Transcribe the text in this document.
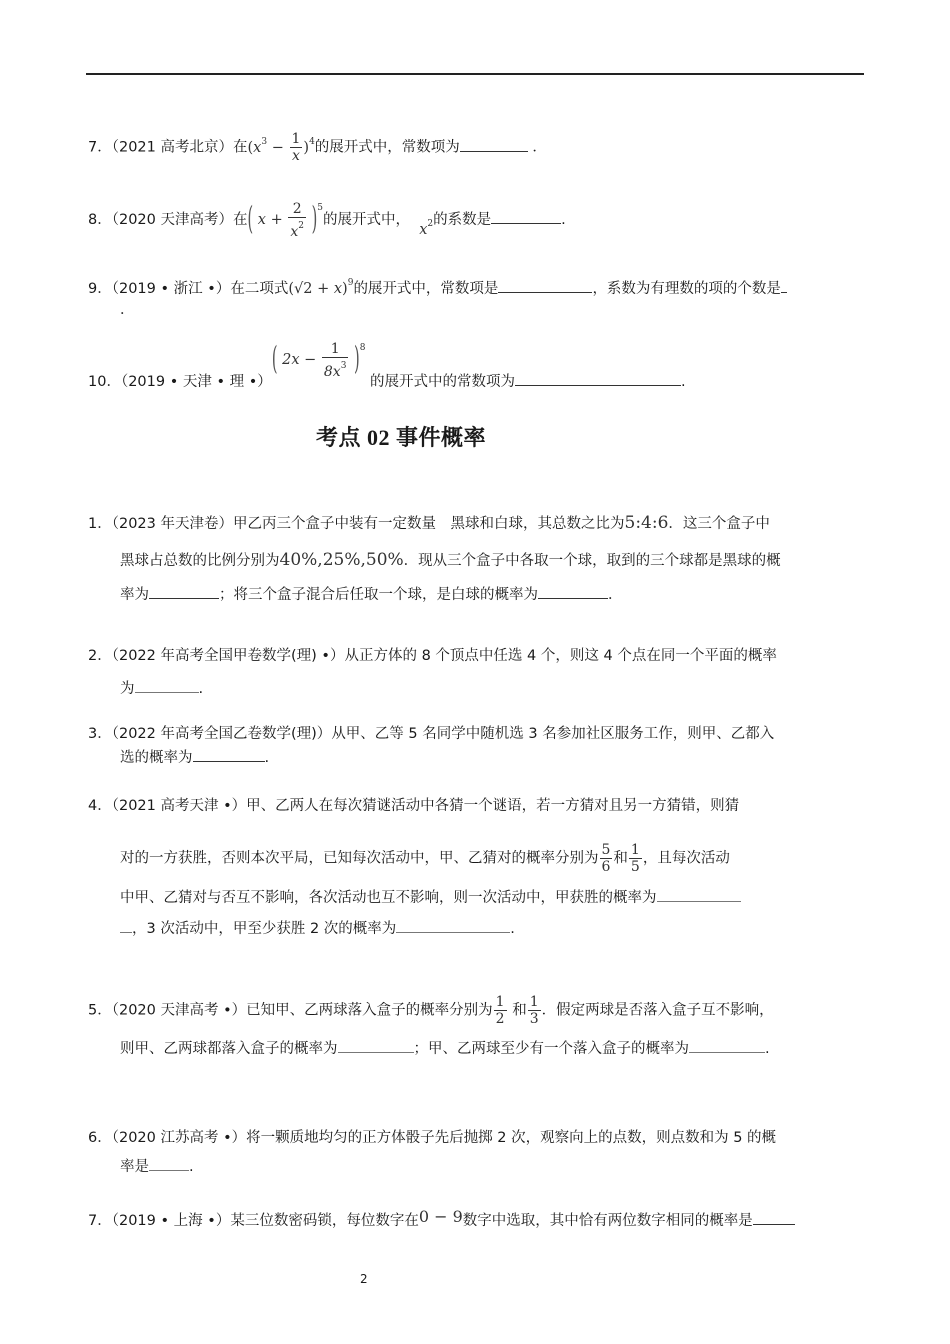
7．（2021 高考北京）在$(x^3 - \frac{1}{x} )^4$的展开式中，常数项为	．
8．（2020 天津高考）在( $x + \frac{2}{x^2} )^5$的展开式中，  $x^2$的系数是	.
9．（2019 • 浙江 •）在二项式$(√2 + x)^9$的展开式中，常数项是	，系数为有理数的项的个数是
．
10．（2019 • 天津 • 理 •）( $2x - \frac{1}{8x^3} )^8$ 的展开式中的常数项为	.
考点 02 事件概率
1．（2023 年天津卷）甲乙丙三个盒子中装有一定数量　黑球和白球，其总数之比为5:4:6．这三个盒子中
黑球占总数的比例分别为40%,25%,50%．现从三个盒子中各取一个球，取到的三个球都是黑球的概
率为	；将三个盒子混合后任取一个球，是白球的概率为	．
2．（2022 年高考全国甲卷数学(理) •）从正方体的 8 个顶点中任选 4 个，则这 4 个点在同一个平面的概率
为	.
3．（2022 年高考全国乙卷数学(理)）从甲、乙等 5 名同学中随机选 3 名参加社区服务工作，则甲、乙都入
选的概率为	.
4．（2021 高考天津 •）甲、乙两人在每次猜谜活动中各猜一个谜语，若一方猜对且另一方猜错，则猜
对的一方获胜，否则本次平局，已知每次活动中，甲、乙猜对的概率分别为 $\frac{5}{6}$ 和 $\frac{1}{5}$ ，且每次活动
中甲、乙猜对与否互不影响，各次活动也互不影响，则一次活动中，甲获胜的概率为
，3 次活动中，甲至少获胜 2 次的概率为	.
5．（2020 天津高考 •）已知甲、乙两球落入盒子的概率分别为 $\frac{1}{2}$ 和 $\frac{1}{3}$ ．假定两球是否落入盒子互不影响，
则甲、乙两球都落入盒子的概率为	；甲、乙两球至少有一个落入盒子的概率为	.
6．（2020 江苏高考 •）将一颗质地均匀的正方体骰子先后抛掷 2 次，观察向上的点数，则点数和为 5 的概
率是	.
7．（2019 • 上海 •）某三位数密码锁，每位数字在0 − 9数字中选取，其中恰有两位数字相同的概率是
2
